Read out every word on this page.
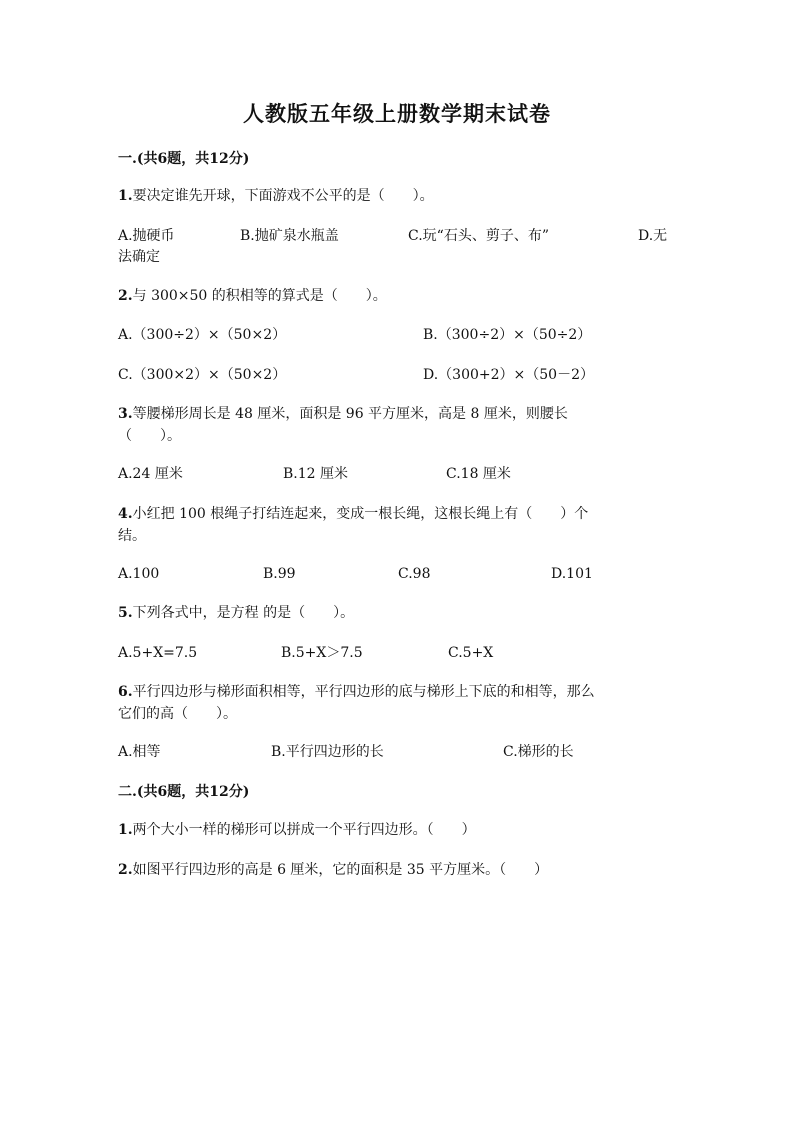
人教版五年级上册数学期末试卷
一.(共6题，共12分)
1.要决定谁先开球，下面游戏不公平的是（　　）。
A.抛硬币	B.抛矿泉水瓶盖	C.玩“石头、剪子、布”	D.无
法确定
2.与 300×50 的积相等的算式是（　　）。
A.（300÷2）×（50×2）	B.（300÷2）×（50÷2）
C.（300×2）×（50×2）	D.（300+2）×（50－2）
3.等腰梯形周长是 48 厘米，面积是 96 平方厘米，高是 8 厘米，则腰长
（　　）。
A.24 厘米	B.12 厘米	C.18 厘米
4.小红把 100 根绳子打结连起来，变成一根长绳，这根长绳上有（　　）个
结。
A.100	B.99	C.98	D.101
5.下列各式中，是方程 的是（　　）。
A.5+X=7.5	B.5+X＞7.5	C.5+X
6.平行四边形与梯形面积相等，平行四边形的底与梯形上下底的和相等，那么
它们的高（　　）。
A.相等	B.平行四边形的长	C.梯形的长
二.(共6题，共12分)
1.两个大小一样的梯形可以拼成一个平行四边形。（　　）
2.如图平行四边形的高是 6 厘米，它的面积是 35 平方厘米。（　　）
